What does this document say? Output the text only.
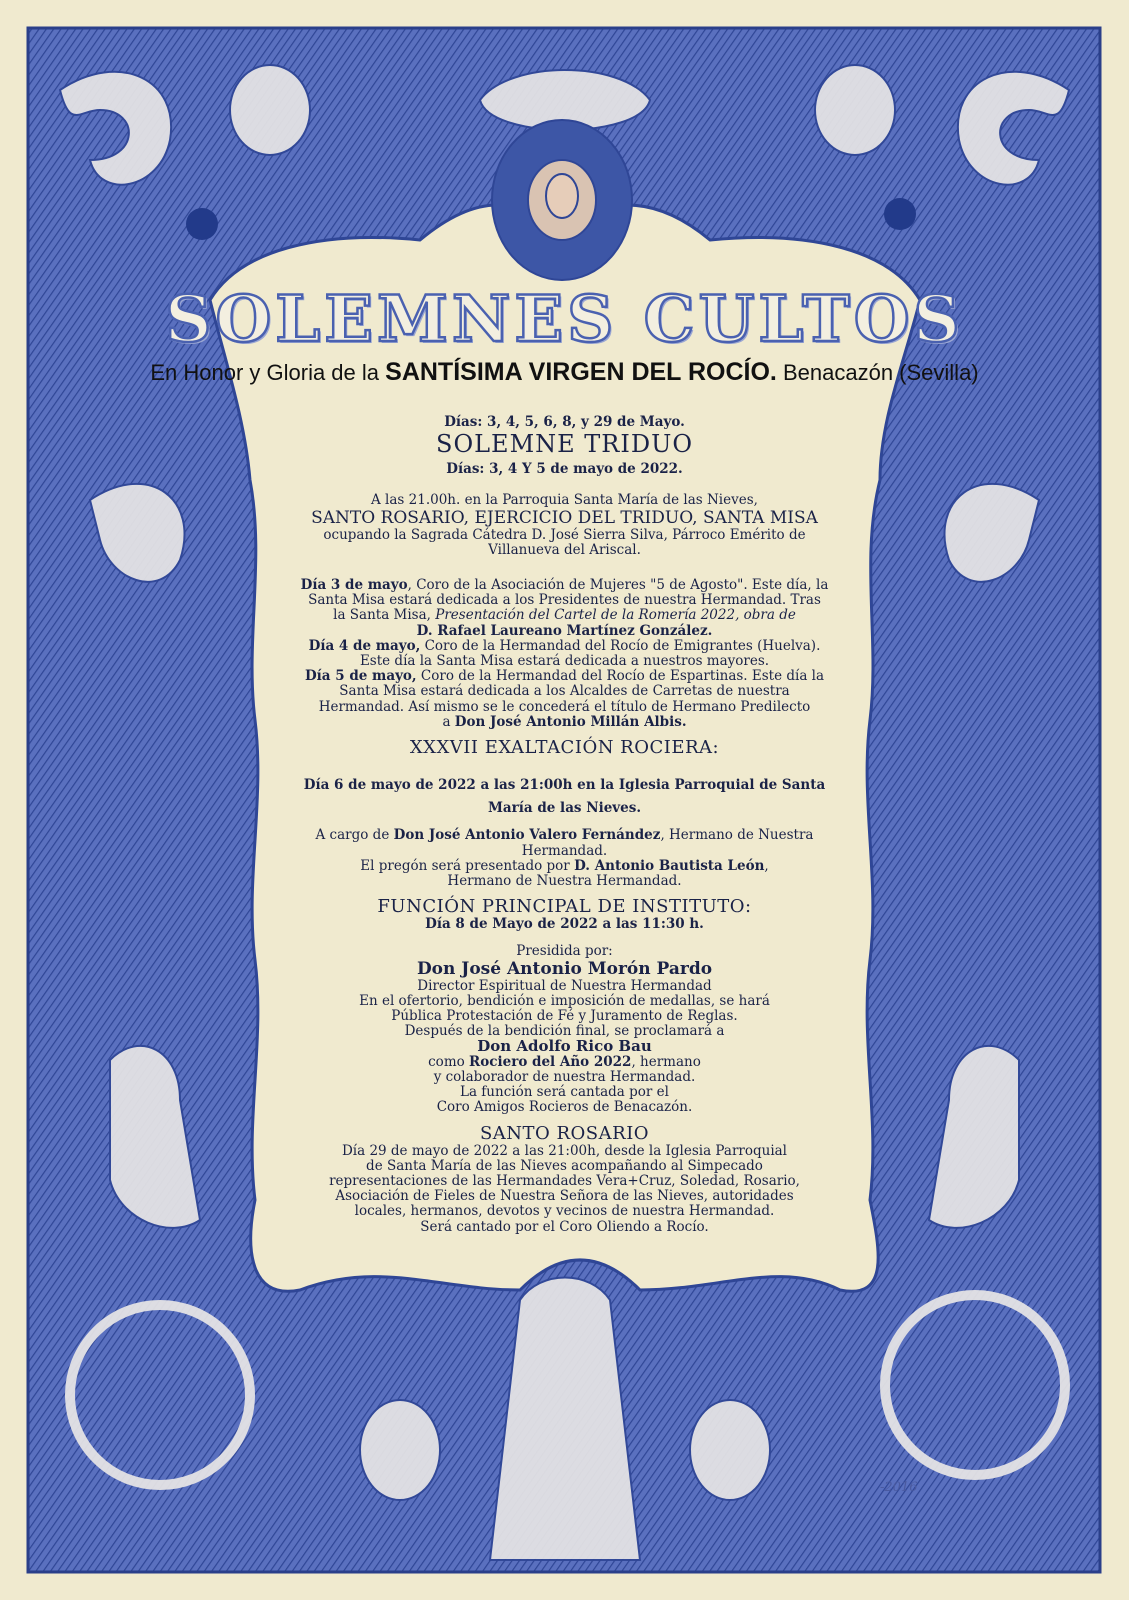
SOLEMNES CULTOS
En Honor y Gloria de la SANTÍSIMA VIRGEN DEL ROCÍO. Benacazón (Sevilla)

Días: 3, 4, 5, 6, 8, y 29 de Mayo.

SOLEMNE TRIDUO

Días: 3, 4 Y 5 de mayo de 2022.

A las 21.00h. en la Parroquia Santa María de las Nieves,

SANTO ROSARIO, EJERCICIO DEL TRIDUO, SANTA MISA

ocupando la Sagrada Cátedra D. José Sierra Silva, Párroco Emérito de

Villanueva del Ariscal.

Día 3 de mayo, Coro de la Asociación de Mujeres "5 de Agosto". Este día, la

Santa Misa estará dedicada a los Presidentes de nuestra Hermandad. Tras

la Santa Misa, Presentación del Cartel de la Romería 2022, obra de

D. Rafael Laureano Martínez González.

Día 4 de mayo, Coro de la Hermandad del Rocío de Emigrantes (Huelva).

Este día la Santa Misa estará dedicada a nuestros mayores.

Día 5 de mayo, Coro de la Hermandad del Rocío de Espartinas. Este día la

Santa Misa estará dedicada a los Alcaldes de Carretas de nuestra

Hermandad. Así mismo se le concederá el título de Hermano Predilecto

a Don José Antonio Millán Albis.

XXXVII EXALTACIÓN ROCIERA:

Día 6 de mayo de 2022 a las 21:00h en la Iglesia Parroquial de Santa

María de las Nieves.

A cargo de Don José Antonio Valero Fernández, Hermano de Nuestra

Hermandad.

El pregón será presentado por D. Antonio Bautista León,

Hermano de Nuestra Hermandad.

FUNCIÓN PRINCIPAL DE INSTITUTO:

Día 8 de Mayo de 2022 a las 11:30 h.

Presidida por:

Don José Antonio Morón Pardo

Director Espiritual de Nuestra Hermandad

En el ofertorio, bendición e imposición de medallas, se hará

Pública Protestación de Fé y Juramento de Reglas.

Después de la bendición final, se proclamará a

Don Adolfo Rico Bau

como Rociero del Año 2022, hermano

y colaborador de nuestra Hermandad.

La función será cantada por el

Coro Amigos Rocieros de Benacazón.

SANTO ROSARIO

Día 29 de mayo de 2022 a las 21:00h, desde la Iglesia Parroquial

de Santa María de las Nieves acompañando al Simpecado

representaciones de las Hermandades Vera+Cruz, Soledad, Rosario,

Asociación de Fieles de Nuestra Señora de las Nieves, autoridades

locales, hermanos, devotos y vecinos de nuestra Hermandad.

Será cantado por el Coro Oliendo a Rocío.

-2016
